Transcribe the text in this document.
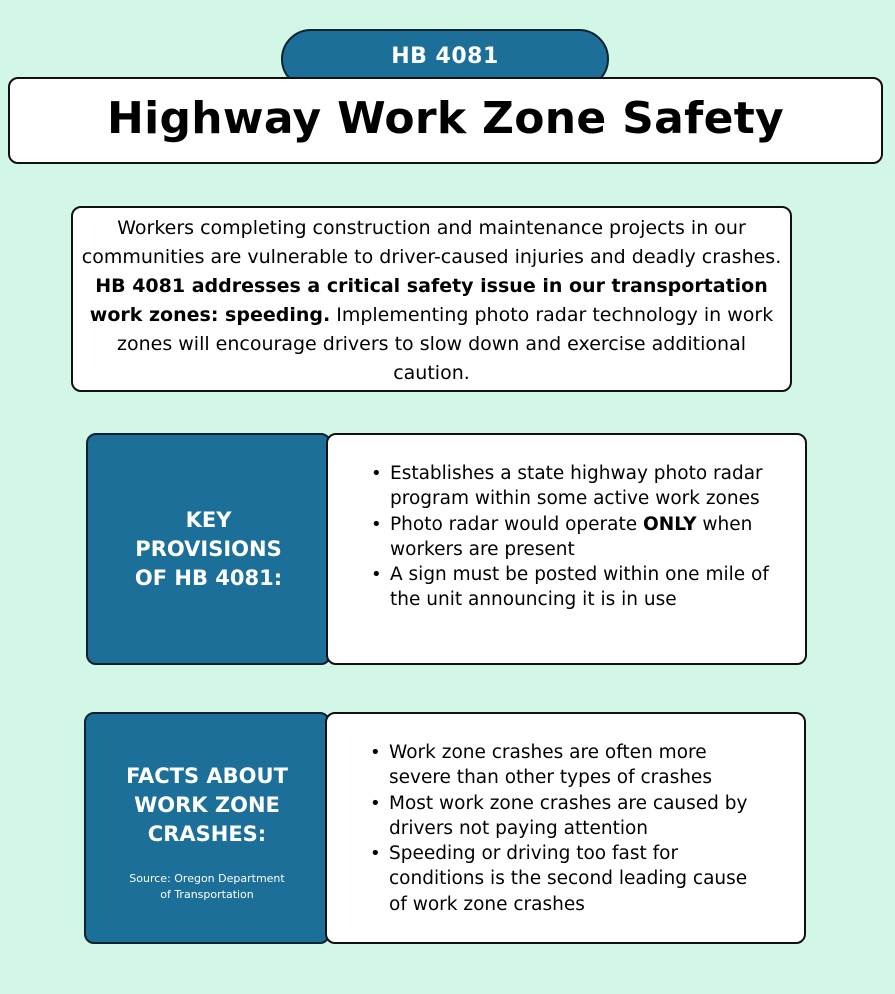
HB 4081
Highway Work Zone Safety
Workers completing construction and maintenance projects in our communities are vulnerable to driver-caused injuries and deadly crashes. HB 4081 addresses a critical safety issue in our transportation work zones: speeding. Implementing photo radar technology in work zones will encourage drivers to slow down and exercise additional caution.
KEY
PROVISIONS
OF HB 4081:
• Establishes a state highway photo radar program within some active work zones
• Photo radar would operate ONLY when workers are present
• A sign must be posted within one mile of the unit announcing it is in use
FACTS ABOUT
WORK ZONE
CRASHES:
Source: Oregon Department
of Transportation
• Work zone crashes are often more severe than other types of crashes
• Most work zone crashes are caused by drivers not paying attention
• Speeding or driving too fast for conditions is the second leading cause of work zone crashes
